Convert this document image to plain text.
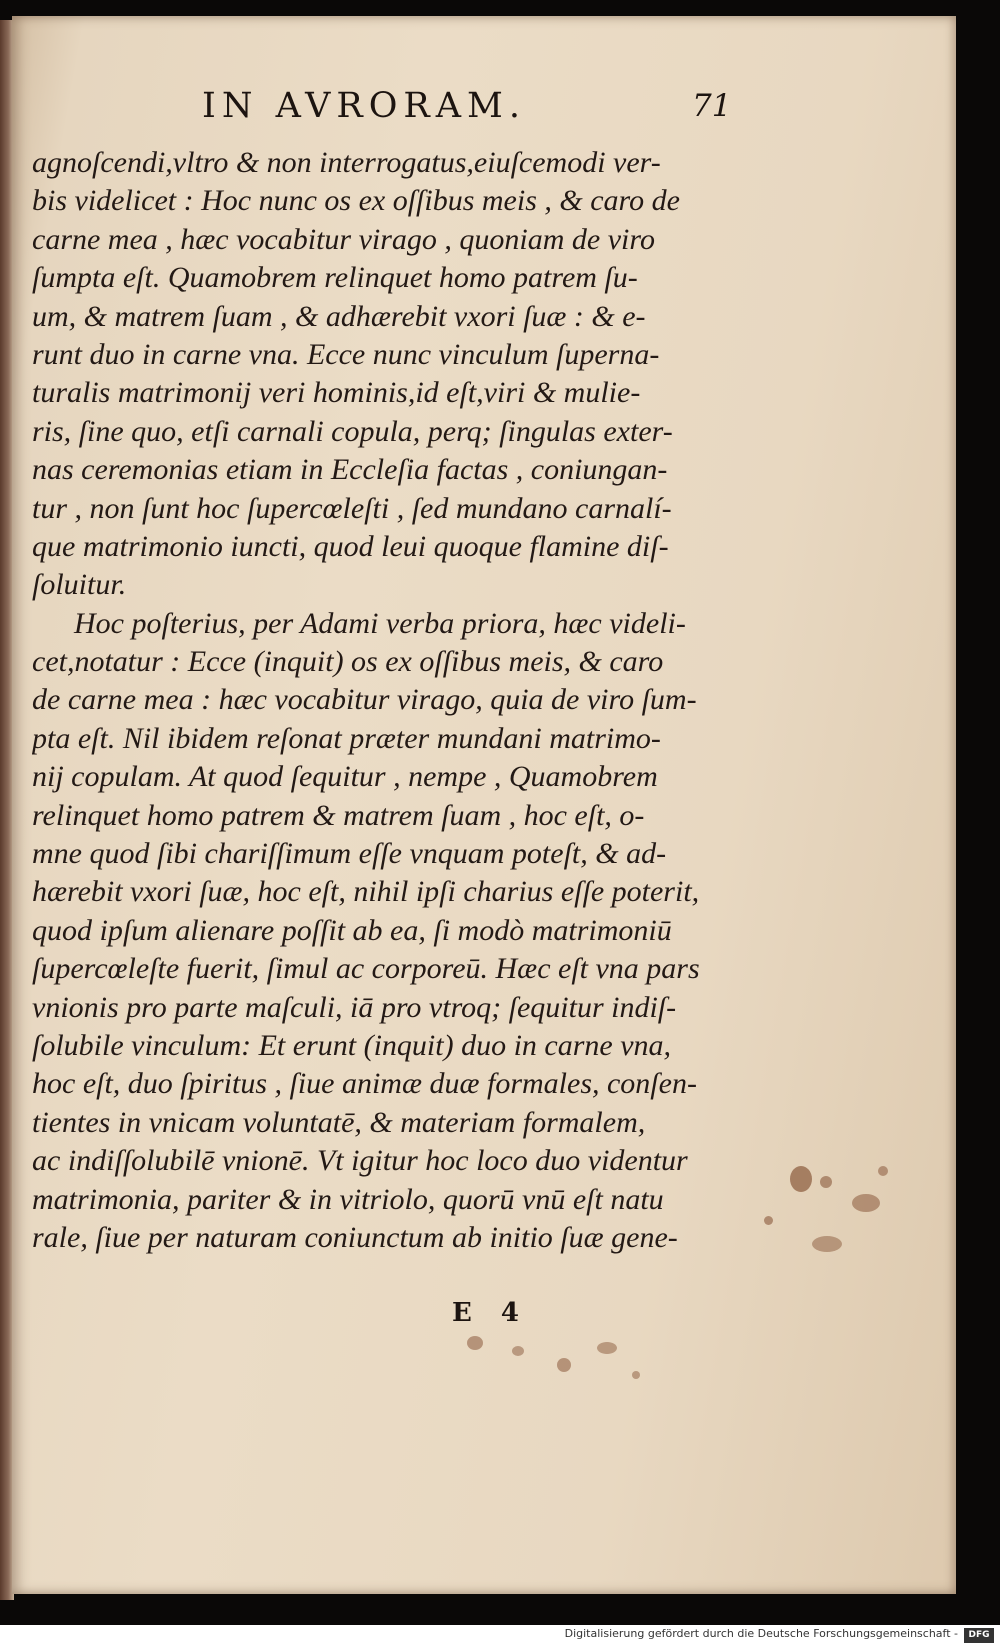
IN AVRORAM.	71
agnoſcendi,vltro & non interrogatus,eiuſcemodi ver-
bis videlicet : Hoc nunc os ex oſſibus meis , & caro de
carne mea , hæc vocabitur virago , quoniam de viro
ſumpta eſt. Quamobrem relinquet homo patrem ſu-
um, & matrem ſuam , & adhærebit vxori ſuæ : & e-
runt duo in carne vna. Ecce nunc vinculum ſuperna-
turalis matrimonij veri hominis,id eſt,viri & mulie-
ris, ſine quo, etſi carnali copula, perq; ſingulas exter-
nas ceremonias etiam in Eccleſia factas , coniungan-
tur , non ſunt hoc ſupercœleſti , ſed mundano carnalí-
que matrimonio iuncti, quod leui quoque flamine diſ-
ſoluitur.
Hoc poſterius, per Adami verba priora, hæc videli-
cet,notatur : Ecce (inquit) os ex oſſibus meis, & caro
de carne mea : hæc vocabitur virago, quia de viro ſum-
pta eſt. Nil ibidem reſonat præter mundani matrimo-
nij copulam. At quod ſequitur , nempe , Quamobrem
relinquet homo patrem & matrem ſuam , hoc eſt, o-
mne quod ſibi chariſſimum eſſe vnquam poteſt, & ad-
hærebit vxori ſuæ, hoc eſt, nihil ipſi charius eſſe poterit,
quod ipſum alienare poſſit ab ea, ſi modò matrimoniū
ſupercœleſte fuerit, ſimul ac corporeū. Hæc eſt vna pars
vnionis pro parte maſculi, iā pro vtroq; ſequitur indiſ-
ſolubile vinculum: Et erunt (inquit) duo in carne vna,
hoc eſt, duo ſpiritus , ſiue animæ duæ formales, conſen-
tientes in vnicam voluntatē, & materiam formalem,
ac indiſſolubilē vnionē. Vt igitur hoc loco duo videntur
matrimonia, pariter & in vitriolo, quorū vnū eſt natu
rale, ſiue per naturam coniunctum ab initio ſuæ gene-
E 4
Digitalisierung gefördert durch die Deutsche Forschungsgemeinschaft -	DFG
